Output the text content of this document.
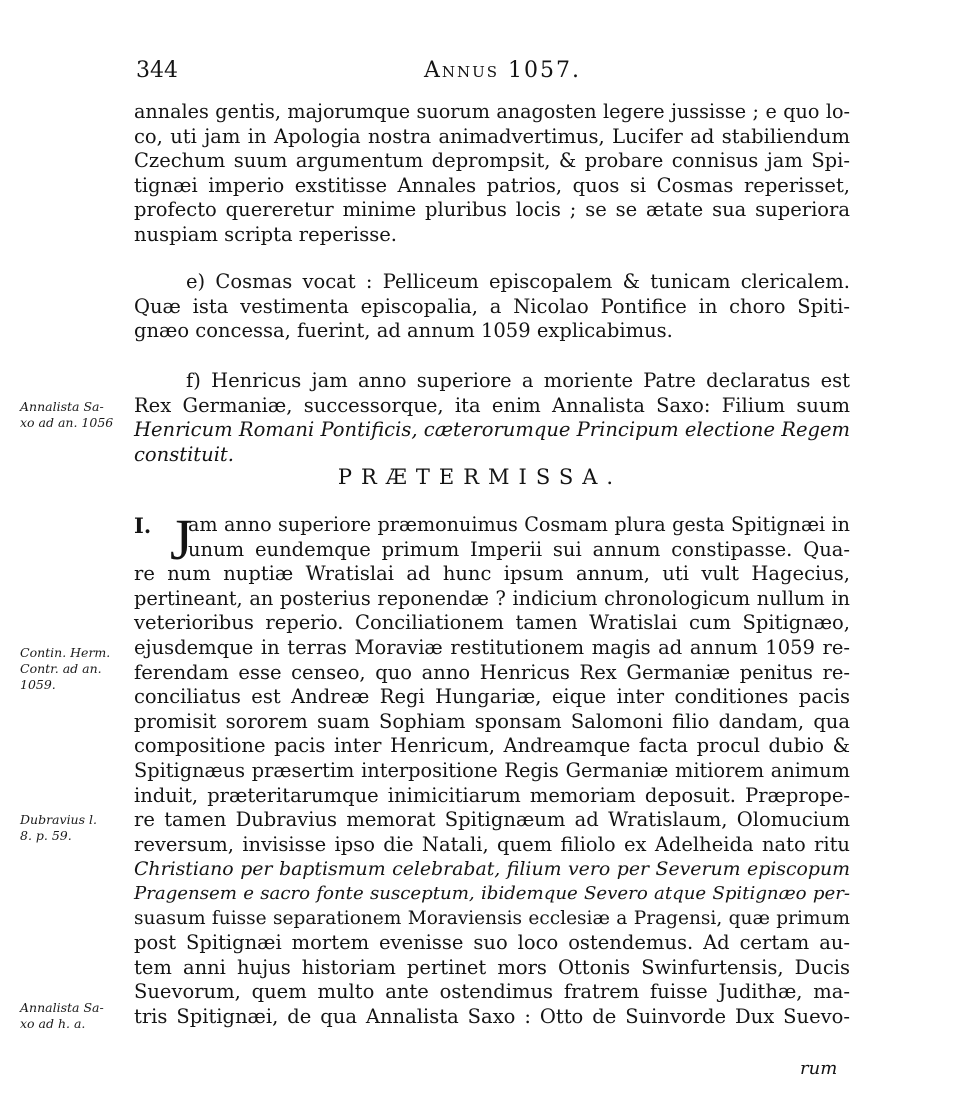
344	Annus 1057.
annales gentis, majorumque suorum anagosten legere jussisse ; e quo lo-
co, uti jam in Apologia nostra animadvertimus, Lucifer ad stabiliendum
Czechum suum argumentum deprompsit, & probare connisus jam Spi-
tignæi imperio exstitisse Annales patrios, quos si Cosmas reperisset,
profecto quereretur minime pluribus locis ; se se ætate sua superiora
nuspiam scripta reperisse.
e) Cosmas vocat : Pelliceum episcopalem & tunicam clericalem.
Quæ ista vestimenta episcopalia, a Nicolao Pontifice in choro Spiti-
gnæo concessa, fuerint, ad annum 1059 explicabimus.
f) Henricus jam anno superiore a moriente Patre declaratus est
Rex Germaniæ, successorque, ita enim Annalista Saxo: Filium suum
Henricum Romani Pontificis, cæterorumque Principum electione Regem
constituit.
PRÆTERMISSA.
I. J
am anno superiore præmonuimus Cosmam plura gesta Spitignæi in
unum eundemque primum Imperii sui annum constipasse. Qua-
re num nuptiæ Wratislai ad hunc ipsum annum, uti vult Hagecius,
pertineant, an posterius reponendæ ? indicium chronologicum nullum in
veterioribus reperio. Conciliationem tamen Wratislai cum Spitignæo,
ejusdemque in terras Moraviæ restitutionem magis ad annum 1059 re-
ferendam esse censeo, quo anno Henricus Rex Germaniæ penitus re-
conciliatus est Andreæ Regi Hungariæ, eique inter conditiones pacis
promisit sororem suam Sophiam sponsam Salomoni filio dandam, qua
compositione pacis inter Henricum, Andreamque facta procul dubio &
Spitignæus præsertim interpositione Regis Germaniæ mitiorem animum
induit, præteritarumque inimicitiarum memoriam deposuit. Præpropе-
re tamen Dubravius memorat Spitignæum ad Wratislaum, Olomucium
reversum, invisisse ipso die Natali, quem filiolo ex Adelheida nato ritu
Christiano per baptismum celebrabat, filium vero per Severum episcopum
Pragensem e sacro fonte susceptum, ibidemque Severo atque Spitignæo per-
suasum fuisse separationem Moraviensis ecclesiæ a Pragensi, quæ primum
post Spitignæi mortem evenisse suo loco ostendemus. Ad certam au-
tem anni hujus historiam pertinet mors Ottonis Swinfurtensis, Ducis
Suevorum, quem multo ante ostendimus fratrem fuisse Judithæ, ma-
tris Spitignæi, de qua Annalista Saxo : Otto de Suinvorde Dux Suevo-
rum
Annalista Sa-
xo ad an. 1056
Contin. Herm.
Contr. ad an.
1059.
Dubravius l.
8. p. 59.
Annalista Sa-
xo ad h. a.
